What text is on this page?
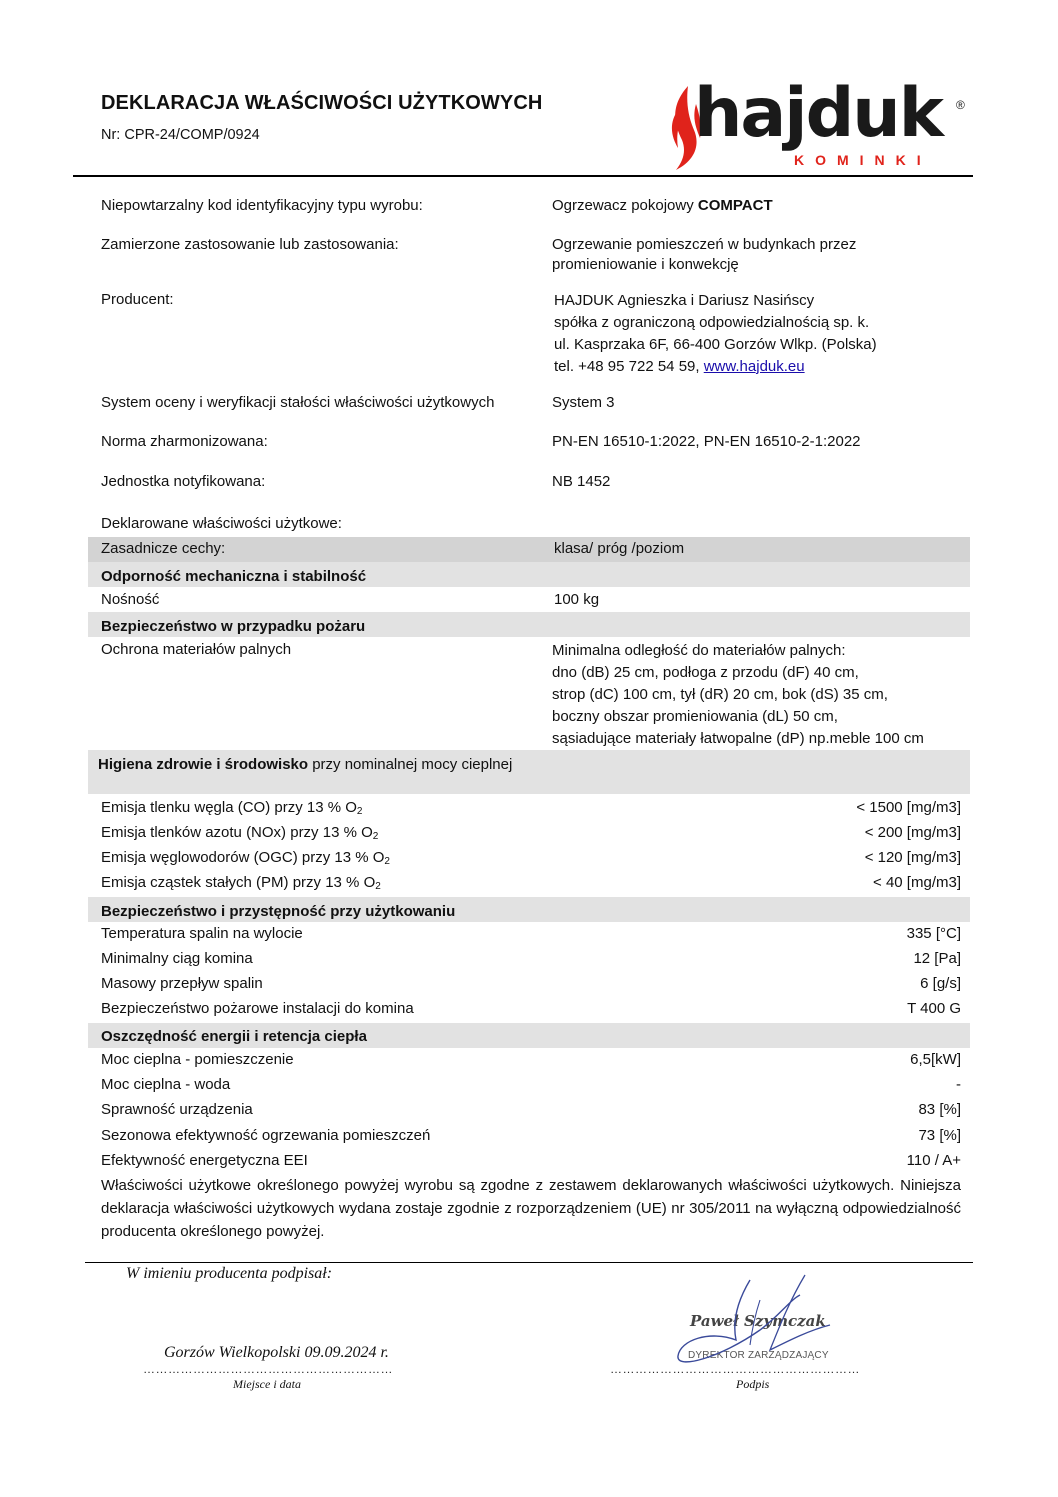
DEKLARACJA WŁAŚCIWOŚCI UŻYTKOWYCH
Nr: CPR-24/COMP/0924	hajduk ®
KOMINKI
Niepowtarzalny kod identyfikacyjny typu wyrobu:	Ogrzewacz pokojowy COMPACT
Zamierzone zastosowanie lub zastosowania:	Ogrzewanie pomieszczeń w budynkach przez
promieniowanie i konwekcję
Producent:	HAJDUK Agnieszka i Dariusz Nasińscy
spółka z ograniczoną odpowiedzialnością sp. k.
ul. Kasprzaka 6F, 66-400 Gorzów Wlkp. (Polska)
tel. +48 95 722 54 59, www.hajduk.eu
System oceny i weryfikacji stałości właściwości użytkowych	System 3
Norma zharmonizowana:	PN-EN 16510-1:2022, PN-EN 16510-2-1:2022
Jednostka notyfikowana:	NB 1452
Deklarowane właściwości użytkowe:
Zasadnicze cechy:	klasa/ próg /poziom
Odporność mechaniczna i stabilność
Nośność	100 kg
Bezpieczeństwo w przypadku pożaru
Ochrona materiałów palnych	Minimalna odległość do materiałów palnych:
dno (dB) 25 cm, podłoga z przodu (dF) 40 cm,
strop (dC) 100 cm, tył (dR) 20 cm, bok (dS) 35 cm,
boczny obszar promieniowania (dL) 50 cm,
sąsiadujące materiały łatwopalne (dP) np.meble 100 cm
Higiena zdrowie i środowisko przy nominalnej mocy cieplnej
Emisja tlenku węgla (CO) przy 13 % $O_2$	< 1500 [mg/m3]
Emisja tlenków azotu (NOx) przy 13 % $O_2$	< 200 [mg/m3]
Emisja węglowodorów (OGC) przy 13 % $O_2$	< 120 [mg/m3]
Emisja cząstek stałych (PM) przy 13 % $O_2$	< 40 [mg/m3]
Bezpieczeństwo i przystępność przy użytkowaniu
Temperatura spalin na wylocie	335 [°C]
Minimalny ciąg komina	12 [Pa]
Masowy przepływ spalin	6 [g/s]
Bezpieczeństwo pożarowe instalacji do komina	T 400 G
Oszczędność energii i retencja ciepła
Moc cieplna - pomieszczenie	6,5[kW]
Moc cieplna - woda	-
Sprawność urządzenia	83 [%]
Sezonowa efektywność ogrzewania pomieszczeń	73 [%]
Efektywność energetyczna EEI	110 / A+
Właściwości użytkowe określonego powyżej wyrobu są zgodne z zestawem deklarowanych właściwości użytkowych. Niniejsza deklaracja właściwości użytkowych wydana zostaje zgodnie z rozporządzeniem (UE) nr 305/2011 na wyłączną odpowiedzialność producenta określonego powyżej.
W imieniu producenta podpisał:
Gorzów Wielkopolski 09.09.2024 r.
……………………………………………………
Miejsce i data
Paweł Szymczak
DYREKTOR ZARZĄDZAJĄCY
……………………………………………………
Podpis
